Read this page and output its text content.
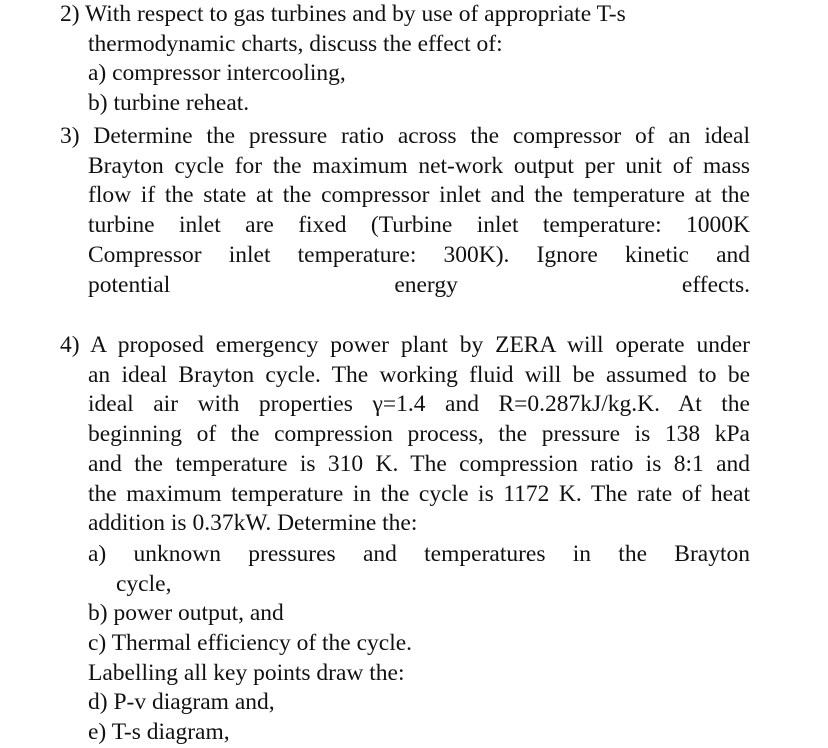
2) With respect to gas turbines and by use of appropriate T-s

thermodynamic charts, discuss the effect of:

a) compressor intercooling,

b) turbine reheat.

3) Determine the pressure ratio across the compressor of an ideal

Brayton cycle for the maximum net-work output per unit of mass

flow if the state at the compressor inlet and the temperature at the

turbine inlet are fixed (Turbine inlet temperature: 1000K

Compressor inlet temperature: 300K). Ignore kinetic and

potential	energy	effects.

4) A proposed emergency power plant by ZERA will operate under

an ideal Brayton cycle. The working fluid will be assumed to be

ideal air with properties γ=1.4 and R=0.287kJ/kg.K. At the

beginning of the compression process, the pressure is 138 kPa

and the temperature is 310 K. The compression ratio is 8:1 and

the maximum temperature in the cycle is 1172 K. The rate of heat

addition is 0.37kW. Determine the:

a) unknown pressures and temperatures in the Brayton

cycle,

b) power output, and

c) Thermal efficiency of the cycle.

Labelling all key points draw the:

d) P-v diagram and,

e) T-s diagram,
